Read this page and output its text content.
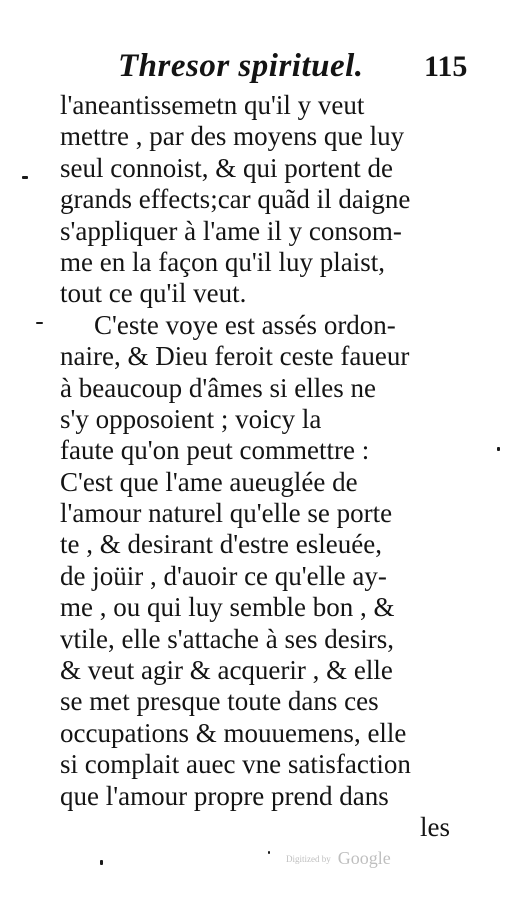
Thresor spirituel. 115
l'aneantissemetn qu'il y veut
mettre , par des moyens que luy
seul connoist, & qui portent de
grands effects;car quãd il daigne
s'appliquer à l'ame il y consom-
me en la façon qu'il luy plaist,
tout ce qu'il veut.
C'este voye est assés ordon-
naire, & Dieu feroit ceste faueur
à beaucoup d'âmes si elles ne
s'y opposoient ; voicy la
faute qu'on peut commettre :
C'est que l'ame aueuglée de
l'amour naturel qu'elle se porte
te , & desirant d'estre esleuée,
de joüir , d'auoir ce qu'elle ay-
me , ou qui luy semble bon , &
vtile, elle s'attache à ses desirs,
& veut agir & acquerir , & elle
se met presque toute dans ces
occupations & mouuemens, elle
si complait auec vne satisfaction
que l'amour propre prend dans
les
Digitized by Google
